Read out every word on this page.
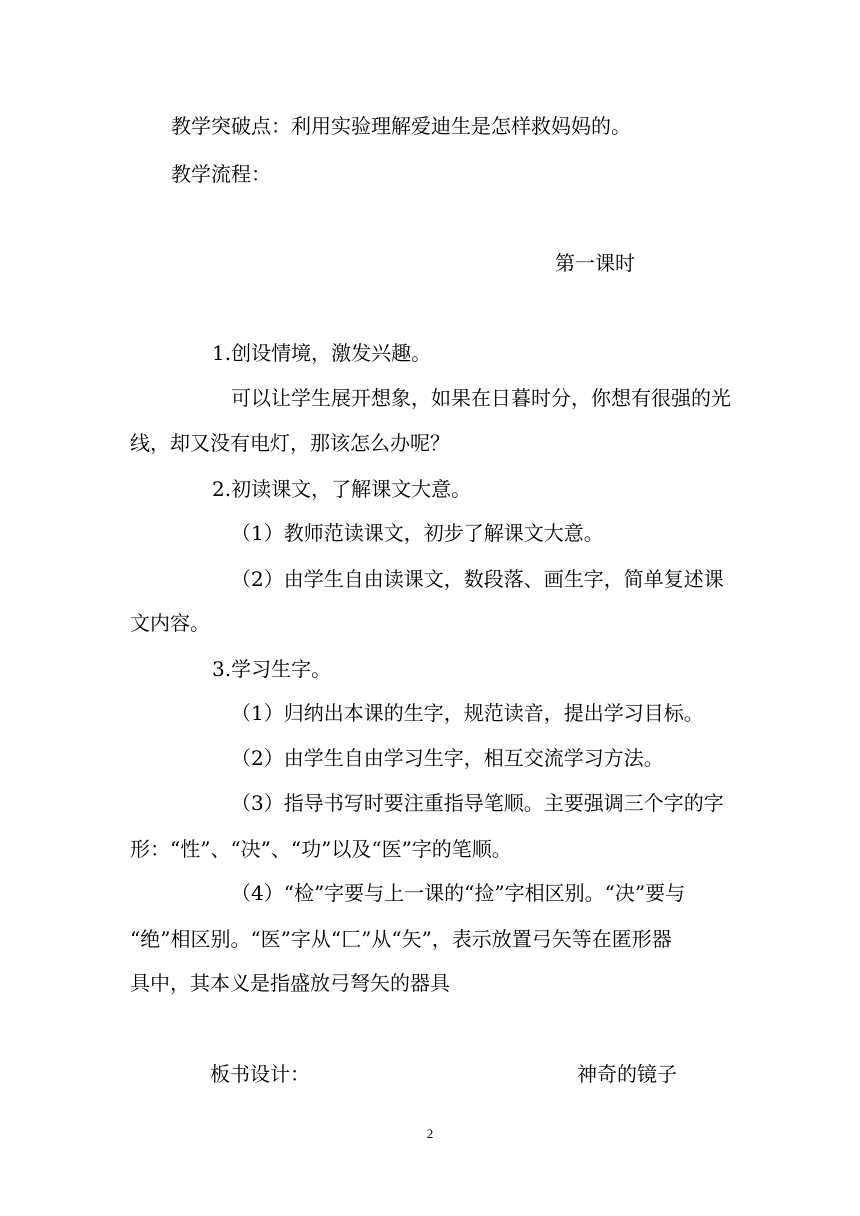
教学突破点：利用实验理解爱迪生是怎样救妈妈的。
教学流程：
第一课时
1.创设情境，激发兴趣。
可以让学生展开想象，如果在日暮时分，你想有很强的光
线，却又没有电灯，那该怎么办呢？
2.初读课文，了解课文大意。
（1）教师范读课文，初步了解课文大意。
（2）由学生自由读课文，数段落、画生字，简单复述课
文内容。
3.学习生字。
（1）归纳出本课的生字，规范读音，提出学习目标。
（2）由学生自由学习生字，相互交流学习方法。
（3）指导书写时要注重指导笔顺。主要强调三个字的字
形：“性”、“决”、“功”以及“医”字的笔顺。
（4）“检”字要与上一课的“捡”字相区别。“决”要与
“绝”相区别。“医”字从“匚”从“矢”，表示放置弓矢等在匿形器
具中，其本义是指盛放弓弩矢的器具
板书设计：	神奇的镜子
2
